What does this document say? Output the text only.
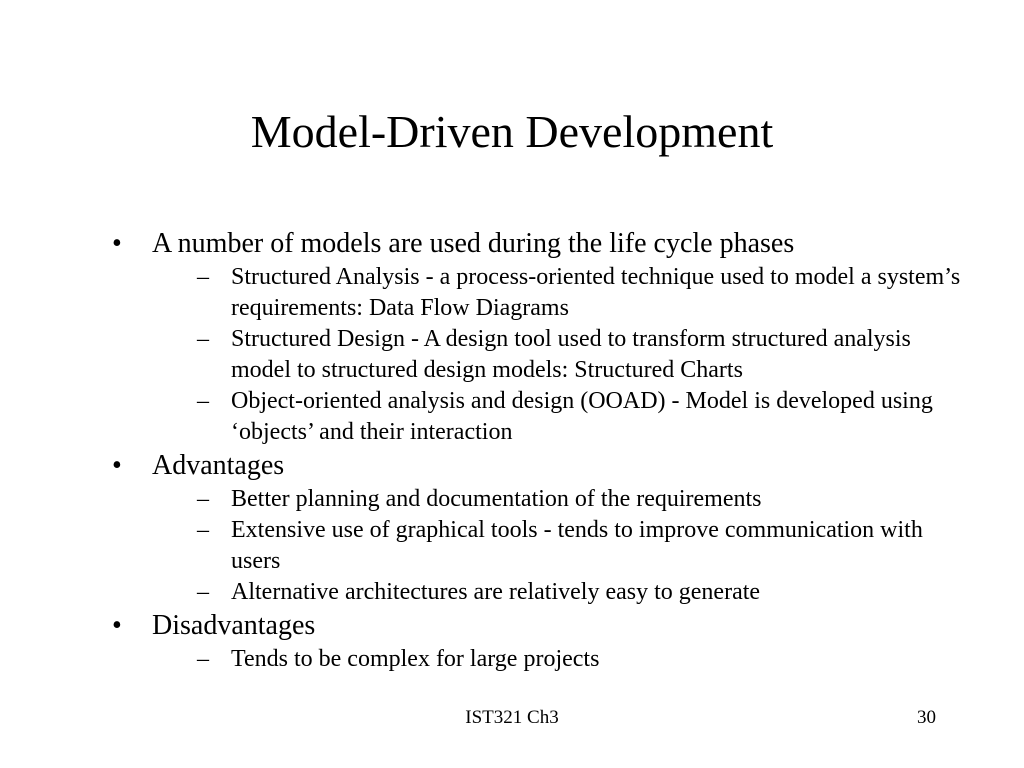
Model-Driven Development
• A number of models are used during the life cycle phases
– Structured Analysis - a process-oriented technique used to model a system’s requirements: Data Flow Diagrams
– Structured Design - A design tool used to transform structured analysis model to structured design models: Structured Charts
– Object-oriented analysis and design (OOAD) - Model is developed using ‘objects’ and their interaction
• Advantages
– Better planning and documentation of the requirements
– Extensive use of graphical tools - tends to improve communication with users
– Alternative architectures are relatively easy to generate
• Disadvantages
– Tends to be complex for large projects
IST321 Ch3	30
